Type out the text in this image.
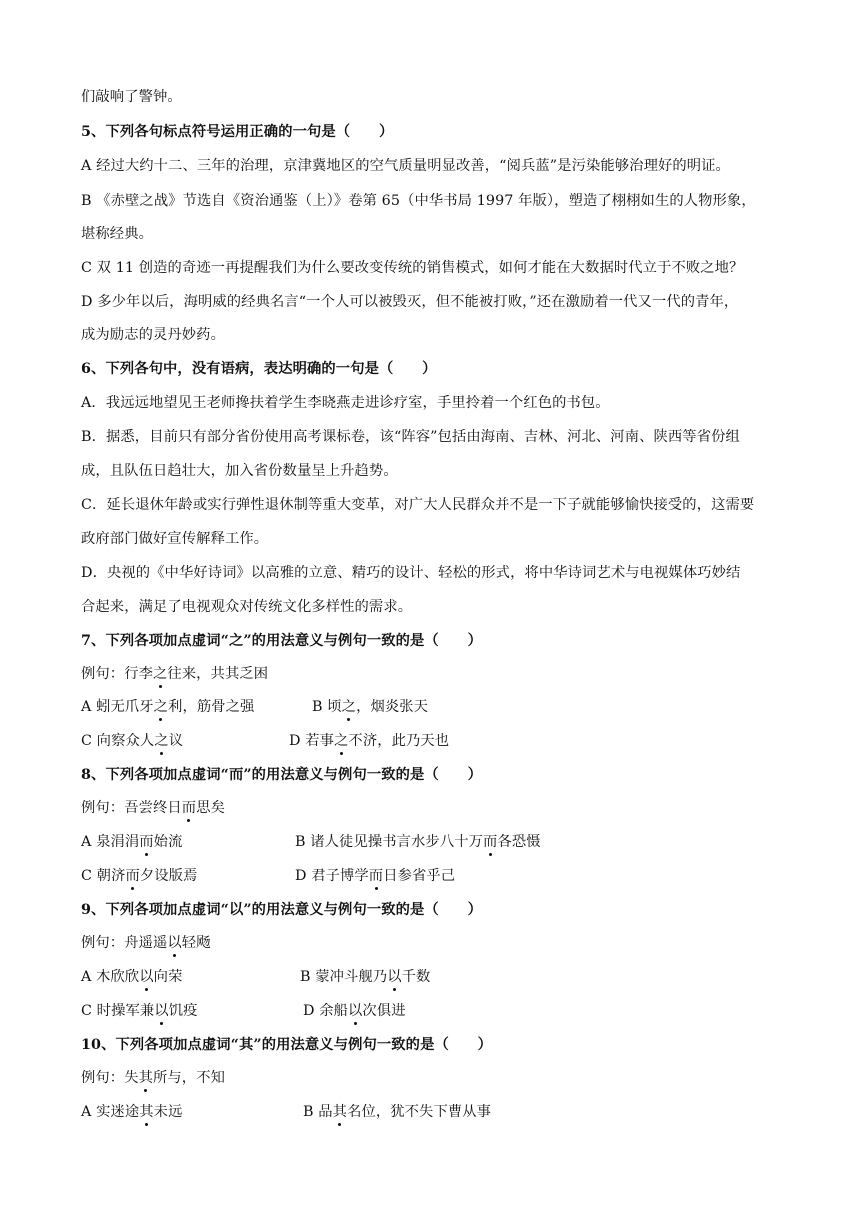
们敲响了警钟。
5、下列各句标点符号运用正确的一句是（　　）
A 经过大约十二、三年的治理，京津冀地区的空气质量明显改善，“阅兵蓝”是污染能够治理好的明证。
B 《赤壁之战》节选自《资治通鉴（上）》卷第 65（中华书局 1997 年版），塑造了栩栩如生的人物形象，
堪称经典。
C 双 11 创造的奇迹一再提醒我们为什么要改变传统的销售模式，如何才能在大数据时代立于不败之地？
D 多少年以后，海明威的经典名言“一个人可以被毁灭，但不能被打败，”还在激励着一代又一代的青年，
成为励志的灵丹妙药。
6、下列各句中，没有语病，表达明确的一句是（　　）
A．我远远地望见王老师搀扶着学生李晓燕走进诊疗室，手里拎着一个红色的书包。
B．据悉，目前只有部分省份使用高考课标卷，该“阵容”包括由海南、吉林、河北、河南、陕西等省份组
成，且队伍日趋壮大，加入省份数量呈上升趋势。
C．延长退休年龄或实行弹性退休制等重大变革，对广大人民群众并不是一下子就能够愉快接受的，这需要
政府部门做好宣传解释工作。
D．央视的《中华好诗词》以高雅的立意、精巧的设计、轻松的形式，将中华诗词艺术与电视媒体巧妙结
合起来，满足了电视观众对传统文化多样性的需求。
7、下列各项加点虚词“之”的用法意义与例句一致的是（　　）
例句：行李之往来，共其乏困
A 蚓无爪牙之利，筋骨之强	B 顷之，烟炎张天
C 向察众人之议	D 若事之不济，此乃天也
8、下列各项加点虚词“而”的用法意义与例句一致的是（　　）
例句：吾尝终日而思矣
A 泉涓涓而始流	B 诸人徒见操书言水步八十万而各恐慑
C 朝济而夕设版焉	D 君子博学而日参省乎己
9、下列各项加点虚词“以”的用法意义与例句一致的是（　　）
例句：舟遥遥以轻飏
A 木欣欣以向荣	B 蒙冲斗舰乃以千数
C 时操军兼以饥疫	D 余船以次俱进
10、下列各项加点虚词“其”的用法意义与例句一致的是（　　）
例句：失其所与，不知
A 实迷途其未远	B 品其名位，犹不失下曹从事
